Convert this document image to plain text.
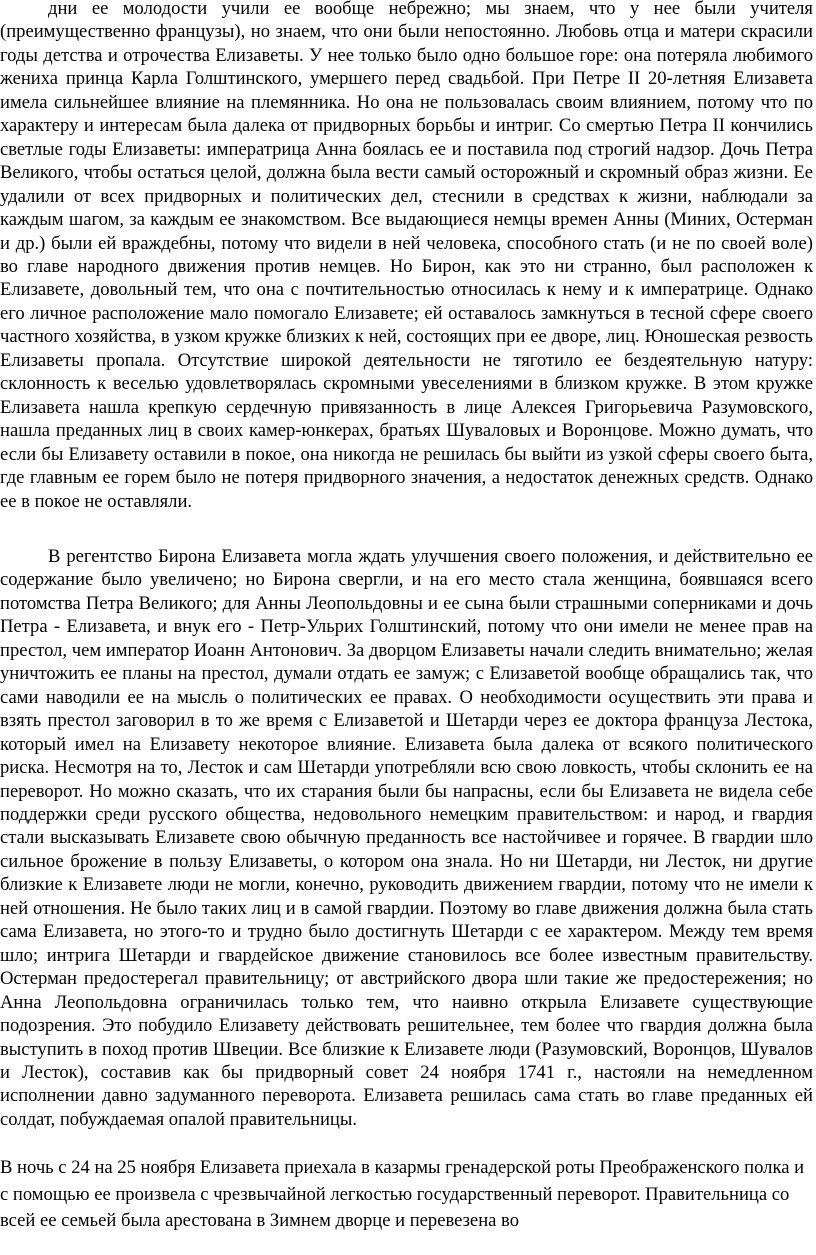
дни ее молодости учили ее вообще небрежно; мы знаем, что у нее были учителя (преимущественно французы), но знаем, что они были непостоянно. Любовь отца и матери скрасили годы детства и отрочества Елизаветы. У нее только было одно большое горе: она потеряла любимого жениха принца Карла Голштинского, умершего перед свадьбой. При Петре II 20-летняя Елизавета имела сильнейшее влияние на племянника. Но она не пользовалась своим влиянием, потому что по характеру и интересам была далека от придворных борьбы и интриг. Со смертью Петра II кончились светлые годы Елизаветы: императрица Анна боялась ее и поставила под строгий надзор. Дочь Петра Великого, чтобы остаться целой, должна была вести самый осторожный и скромный образ жизни. Ее удалили от всех придворных и политических дел, стеснили в средствах к жизни, наблюдали за каждым шагом, за каждым ее знакомством. Все выдающиеся немцы времен Анны (Миних, Остерман и др.) были ей враждебны, потому что видели в ней человека, способного стать (и не по своей воле) во главе народного движения против немцев. Но Бирон, как это ни странно, был расположен к Елизавете, довольный тем, что она с почтительностью относилась к нему и к императрице. Однако его личное расположение мало помогало Елизавете; ей оставалось замкнуться в тесной сфере своего частного хозяйства, в узком кружке близких к ней, состоящих при ее дворе, лиц. Юношеская резвость Елизаветы пропала. Отсутствие широкой деятельности не тяготило ее бездеятельную натуру: склонность к веселью удовлетворялась скромными увеселениями в близком кружке. В этом кружке Елизавета нашла крепкую сердечную привязанность в лице Алексея Григорьевича Разумовского, нашла преданных лиц в своих камер-юнкерах, братьях Шуваловых и Воронцове. Можно думать, что если бы Елизавету оставили в покое, она никогда не решилась бы выйти из узкой сферы своего быта, где главным ее горем было не потеря придворного значения, а недостаток денежных средств. Однако ее в покое не оставляли.

В регентство Бирона Елизавета могла ждать улучшения своего положения, и действительно ее содержание было увеличено; но Бирона свергли, и на его место стала женщина, боявшаяся всего потомства Петра Великого; для Анны Леопольдовны и ее сына были страшными соперниками и дочь Петра - Елизавета, и внук его - Петр-Ульрих Голштинский, потому что они имели не менее прав на престол, чем император Иоанн Антонович. За дворцом Елизаветы начали следить внимательно; желая уничтожить ее планы на престол, думали отдать ее замуж; с Елизаветой вообще обращались так, что сами наводили ее на мысль о политических ее правах. О необходимости осуществить эти права и взять престол заговорил в то же время с Елизаветой и Шетарди через ее доктора француза Лестока, который имел на Елизавету некоторое влияние. Елизавета была далека от всякого политического риска. Несмотря на то, Лесток и сам Шетарди употребляли всю свою ловкость, чтобы склонить ее на переворот. Но можно сказать, что их старания были бы напрасны, если бы Елизавета не видела себе поддержки среди русского общества, недовольного немецким правительством: и народ, и гвардия стали высказывать Елизавете свою обычную преданность все настойчивее и горячее. В гвардии шло сильное брожение в пользу Елизаветы, о котором она знала. Но ни Шетарди, ни Лесток, ни другие близкие к Елизавете люди не могли, конечно, руководить движением гвардии, потому что не имели к ней отношения. Не было таких лиц и в самой гвардии. Поэтому во главе движения должна была стать сама Елизавета, но этого-то и трудно было достигнуть Шетарди с ее характером. Между тем время шло; интрига Шетарди и гвардейское движение становилось все более известным правительству. Остерман предостерегал правительницу; от австрийского двора шли такие же предостережения; но Анна Леопольдовна ограничилась только тем, что наивно открыла Елизавете существующие подозрения. Это побудило Елизавету действовать решительнее, тем более что гвардия должна была выступить в поход против Швеции. Все близкие к Елизавете люди (Разумовский, Воронцов, Шувалов и Лесток), составив как бы придворный совет 24 ноября 1741 г., настояли на немедленном исполнении давно задуманного переворота. Елизавета решилась сама стать во главе преданных ей солдат, побуждаемая опалой правительницы.

В ночь с 24 на 25 ноября Елизавета приехала в казармы гренадерской роты Преображенского полка и с помощью ее произвела с чрезвычайной легкостью государственный переворот. Правительница со всей ее семьей была арестована в Зимнем дворце и перевезена во
